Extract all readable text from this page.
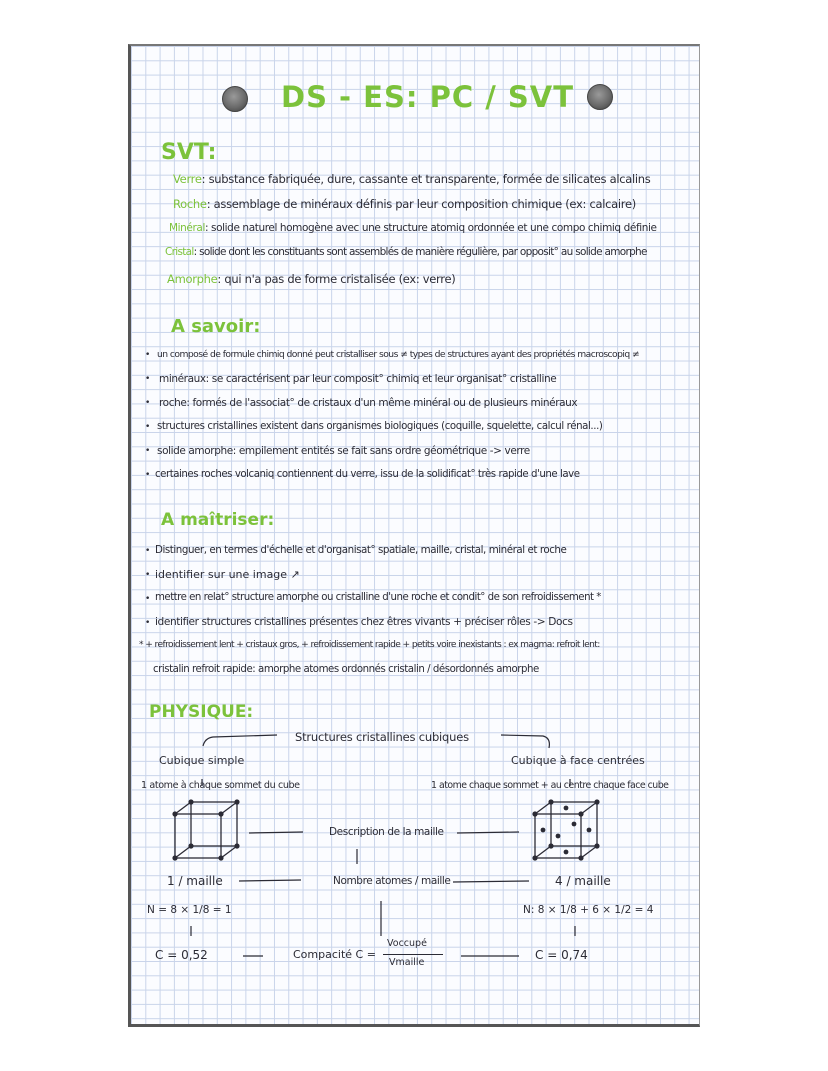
DS - ES: PC / SVT
SVT:
Verre: substance fabriquée, dure, cassante et transparente, formée de silicates alcalins
Roche: assemblage de minéraux définis par leur composition chimique (ex: calcaire)
Minéral: solide naturel homogène avec une structure atomiq ordonnée et une compo chimiq définie
Cristal: solide dont les constituants sont assemblés de manière régulière, par opposit° au solide amorphe
Amorphe: qui n'a pas de forme cristalisée (ex: verre)
A savoir:
• un composé de formule chimiq donné peut cristalliser sous ≠ types de structures ayant des propriétés macroscopiq ≠
• minéraux: se caractérisent par leur composit° chimiq et leur organisat° cristalline
• roche: formés de l'associat° de cristaux d'un même minéral ou de plusieurs minéraux
• structures cristallines existent dans organismes biologiques (coquille, squelette, calcul rénal...)
• solide amorphe: empilement entités se fait sans ordre géométrique -> verre
• certaines roches volcaniq contiennent du verre, issu de la solidificat° très rapide d'une lave
A maîtriser:
• Distinguer, en termes d'échelle et d'organisat° spatiale, maille, cristal, minéral et roche
• identifier sur une image ↗
• mettre en relat° structure amorphe ou cristalline d'une roche et condit° de son refroidissement *
• identifier structures cristallines présentes chez êtres vivants + préciser rôles -> Docs
* + refroidissement lent + cristaux gros, + refroidissement rapide + petits voire inexistants : ex magma: refroit lent:
cristalin refroit rapide: amorphe atomes ordonnés cristalin / désordonnés amorphe
PHYSIQUE:
Structures cristallines cubiques
Cubique simple
1 atome à chaque sommet du cube
Cubique à face centrées
1 atome chaque sommet + au centre chaque face cube
Description de la maille
Nombre atomes / maille
1 / maille	4 / maille
N = 8 × 1/8 = 1	N: 8 × 1/8 + 6 × 1/2 = 4
C = 0,52	C = 0,74
Compacité C =
Voccupé
Vmaille
